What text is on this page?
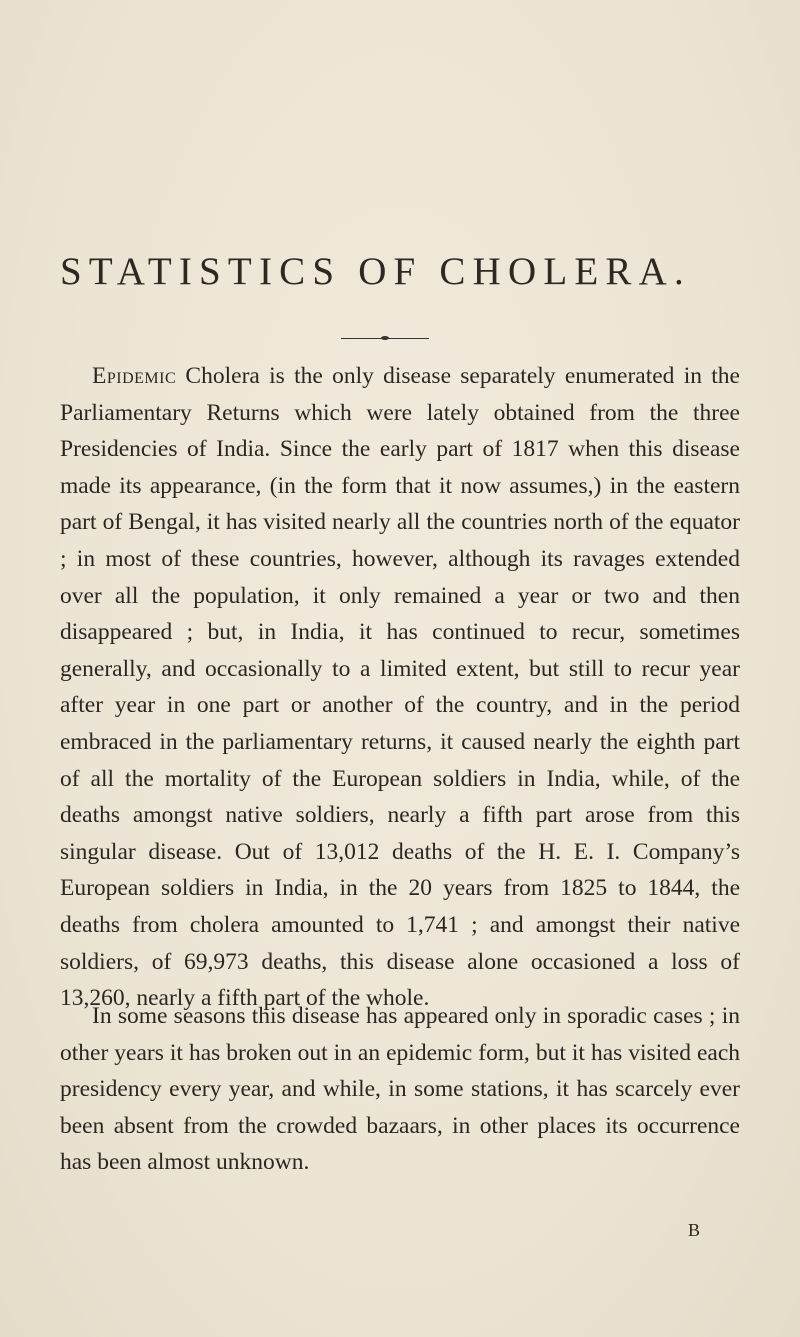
STATISTICS OF CHOLERA.

Epidemic Cholera is the only disease separately enumerated in the Parliamentary Returns which were lately obtained from the three Presidencies of India. Since the early part of 1817 when this disease made its appearance, (in the form that it now assumes,) in the eastern part of Bengal, it has visited nearly all the countries north of the equator ; in most of these countries, however, although its ravages extended over all the population, it only remained a year or two and then disappeared ; but, in India, it has continued to recur, sometimes generally, and occasionally to a limited extent, but still to recur year after year in one part or another of the country, and in the period embraced in the parliamentary returns, it caused nearly the eighth part of all the mortality of the European soldiers in India, while, of the deaths amongst native soldiers, nearly a fifth part arose from this singular disease. Out of 13,012 deaths of the H. E. I. Company’s European soldiers in India, in the 20 years from 1825 to 1844, the deaths from cholera amounted to 1,741 ; and amongst their native soldiers, of 69,973 deaths, this disease alone occasioned a loss of 13,260, nearly a fifth part of the whole.

In some seasons this disease has appeared only in sporadic cases ; in other years it has broken out in an epidemic form, but it has visited each presidency every year, and while, in some stations, it has scarcely ever been absent from the crowded bazaars, in other places its occurrence has been almost unknown.

B
